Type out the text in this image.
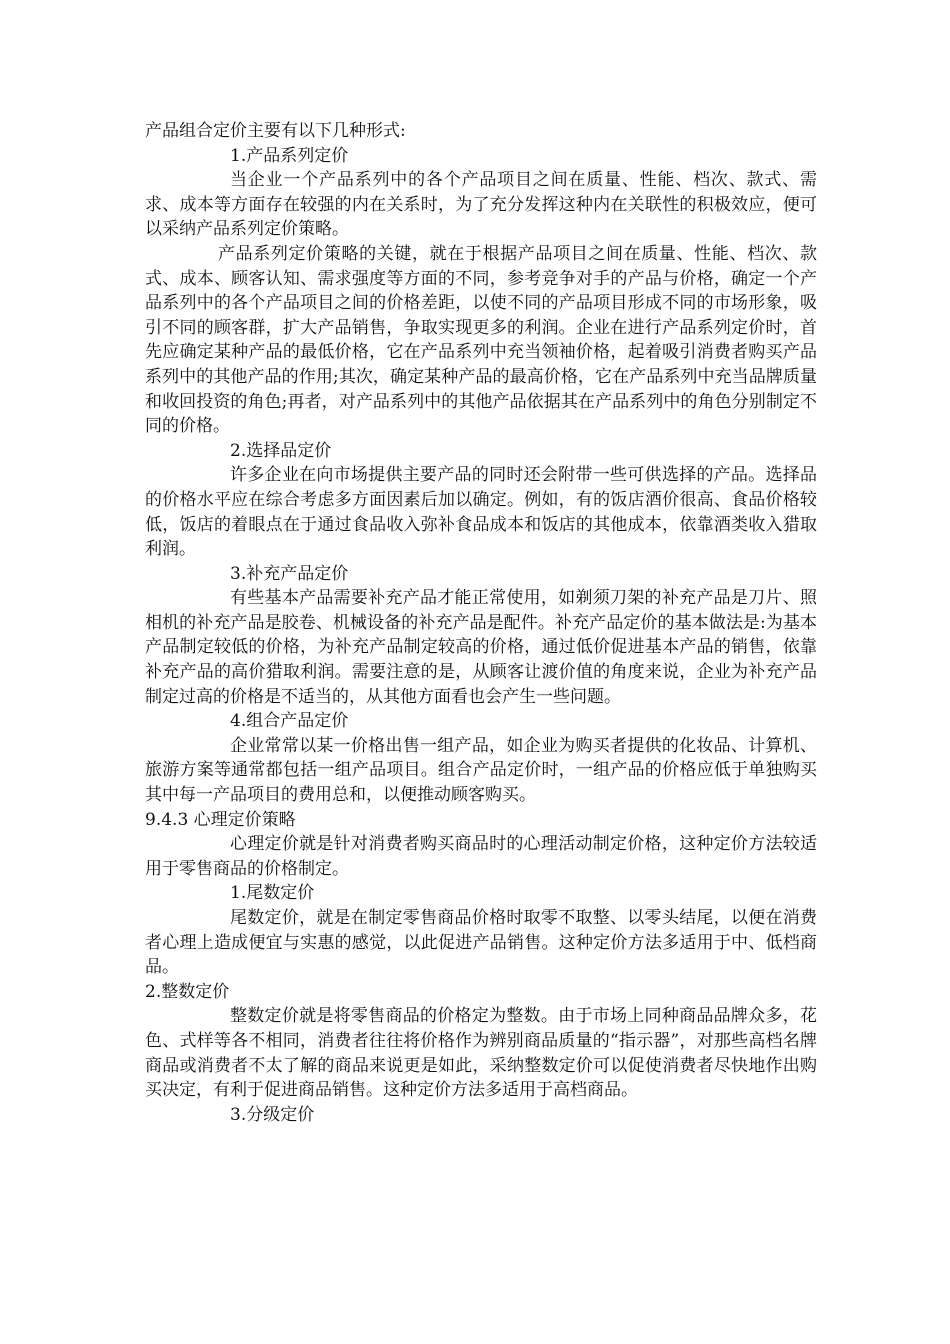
产品组合定价主要有以下几种形式:

1.产品系列定价

当企业一个产品系列中的各个产品项目之间在质量、性能、档次、款式、需求、成本等方面存在较强的内在关系时，为了充分发挥这种内在关联性的积极效应，便可以采纳产品系列定价策略。

产品系列定价策略的关键，就在于根据产品项目之间在质量、性能、档次、款式、成本、顾客认知、需求强度等方面的不同，参考竞争对手的产品与价格，确定一个产品系列中的各个产品项目之间的价格差距，以使不同的产品项目形成不同的市场形象，吸引不同的顾客群，扩大产品销售，争取实现更多的利润。企业在进行产品系列定价时，首先应确定某种产品的最低价格，它在产品系列中充当领袖价格，起着吸引消费者购买产品系列中的其他产品的作用;其次，确定某种产品的最高价格，它在产品系列中充当品牌质量和收回投资的角色;再者，对产品系列中的其他产品依据其在产品系列中的角色分别制定不同的价格。

2.选择品定价

许多企业在向市场提供主要产品的同时还会附带一些可供选择的产品。选择品的价格水平应在综合考虑多方面因素后加以确定。例如，有的饭店酒价很高、食品价格较低，饭店的着眼点在于通过食品收入弥补食品成本和饭店的其他成本，依靠酒类收入猎取利润。

3.补充产品定价

有些基本产品需要补充产品才能正常使用，如剃须刀架的补充产品是刀片、照相机的补充产品是胶卷、机械设备的补充产品是配件。补充产品定价的基本做法是:为基本产品制定较低的价格，为补充产品制定较高的价格，通过低价促进基本产品的销售，依靠补充产品的高价猎取利润。需要注意的是，从顾客让渡价值的角度来说，企业为补充产品制定过高的价格是不适当的，从其他方面看也会产生一些问题。

4.组合产品定价

企业常常以某一价格出售一组产品，如企业为购买者提供的化妆品、计算机、旅游方案等通常都包括一组产品项目。组合产品定价时，一组产品的价格应低于单独购买其中每一产品项目的费用总和，以便推动顾客购买。

9.4.3 心理定价策略

心理定价就是针对消费者购买商品时的心理活动制定价格，这种定价方法较适用于零售商品的价格制定。

1.尾数定价

尾数定价，就是在制定零售商品价格时取零不取整、以零头结尾，以便在消费者心理上造成便宜与实惠的感觉，以此促进产品销售。这种定价方法多适用于中、低档商品。

2.整数定价

整数定价就是将零售商品的价格定为整数。由于市场上同种商品品牌众多，花色、式样等各不相同，消费者往往将价格作为辨别商品质量的“指示器”，对那些高档名牌商品或消费者不太了解的商品来说更是如此，采纳整数定价可以促使消费者尽快地作出购买决定，有利于促进商品销售。这种定价方法多适用于高档商品。

3.分级定价
